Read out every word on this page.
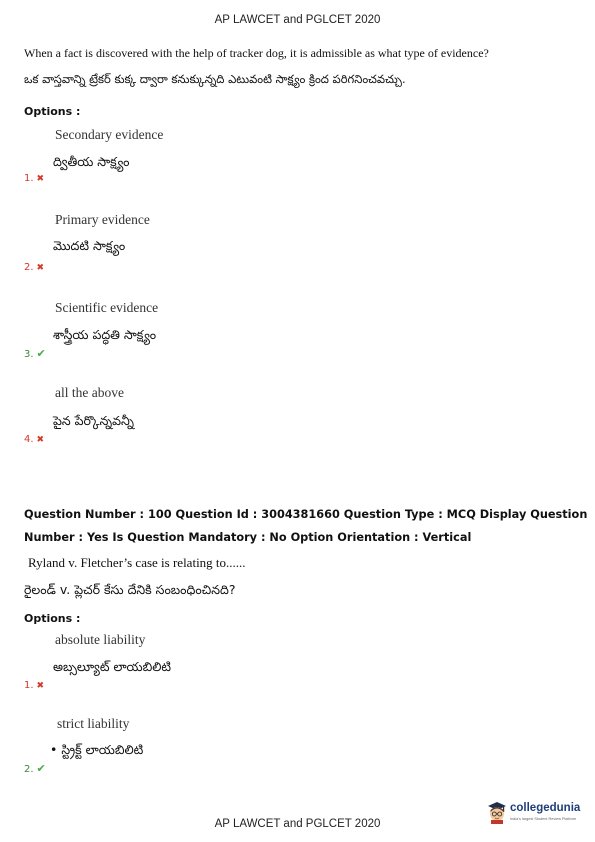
AP LAWCET and PGLCET 2020
When a fact is discovered with the help of tracker dog, it is admissible as what type of evidence?
ఒక వాస్తవాన్ని ట్రేకర్ కుక్క ద్వారా కనుక్కున్నది ఎటువంటి సాక్ష్యం క్రింద పరిగనించవచ్చు.
Options :
Secondary evidence
ద్వితీయ సాక్ష్యం
1. ✖
Primary evidence
మొదటి సాక్ష్యం
2. ✖
Scientific evidence
శాస్త్రీయ పద్ధతి సాక్ష్యం
3. ✔
all the above
పైన పేర్కొన్నవన్నీ
4. ✖
Question Number : 100 Question Id : 3004381660 Question Type : MCQ Display Question
Number : Yes Is Question Mandatory : No Option Orientation : Vertical
Ryland v. Fletcher’s case is relating to......
రైలండ్ v. ప్లెచర్ కేసు దేనికి సంబంధించినది?
Options :
absolute liability
అబ్సల్యూట్ లాయబిలిటి
1. ✖
strict liability
• స్ట్రిక్ట్ లాయబిలిటి
2. ✔
AP LAWCET and PGLCET 2020
collegedunia
India's largest Student Review Platform
